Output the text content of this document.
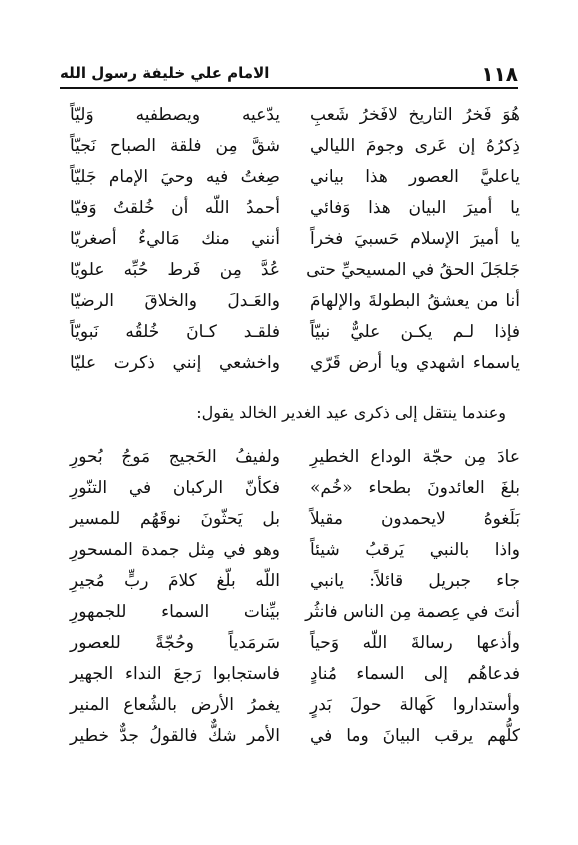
١١٨
الامام علي خليفة رسول الله
هُوَ فَخرُ التاريخ لافَخرُ شَعبِ
يدّعيه ويصطفيه وَليّاً
ذِكرُهُ إن عَرى وجومَ الليالي
شقَّ مِن فلقة الصباح نَجيّاً
ياعليَّ العصور هذا بياني
صِغتُ فيه وحيَ الإمام جَليّاً
يا أميرَ البيان هذا وَفائي
أحمدُ اللّه أن خُلقتُ وَفيّا
يا أميرَ الإسلام حَسبيَ فخراً
أنني منك مَاليءٌ أصغريّا
جَلجَلَ الحقُ في المسيحيِّ حتى
عُدَّ مِن فَرط حُبِّه علويّا
أنا من يعشقُ البطولةَ والإلهامَ
والعَـدلَ والخلاقَ الرضيّا
فإذا لـم يكـن عليٌّ نبيّاً
فلقـد كـانَ خُلقُه نَبويّاً
ياسماء اشهدي ويا أرض قَرّي
واخشعي إنني ذكرت عليّا
وعندما ينتقل إلى ذكرى عيد الغدير الخالد يقول:
عادَ مِن حجّة الوداع الخطيرِ
ولفيفُ الحَجيج مَوجُ بُحورِ
بلغَ العائدونَ بطحاء «خُم»
فكأنّ الركبان في التنّورِ
بَلَغوهُ لايحمدون مقيلاً
بل يَحثّونَ نوقَهُم للمسير
واذا بالنبي يَرقبُ شيئاً
وهو في مِثل جمدة المسحورِ
جاء جبريل قائلاً: يانبي
اللّه بلّغ كلامَ ربٍّ مُجيرِ
أنتَ في عِصمة مِن الناس فانثُر
بيِّنات السماء للجمهورِ
وأذعها رسالةَ اللّه وَحياً
سَرمَدياً وحُجّةً للعصور
فدعاهُم إلى السماء مُنادٍ
فاستجابوا رَجعَ النداء الجهير
وأستداروا كَهالة حولَ بَدرٍ
يغمرُ الأرض بالشُعاع المنير
كلُّهم يرقب البيانَ وما في
الأمر شكٌّ فالقولُ جدٌّ خطير
